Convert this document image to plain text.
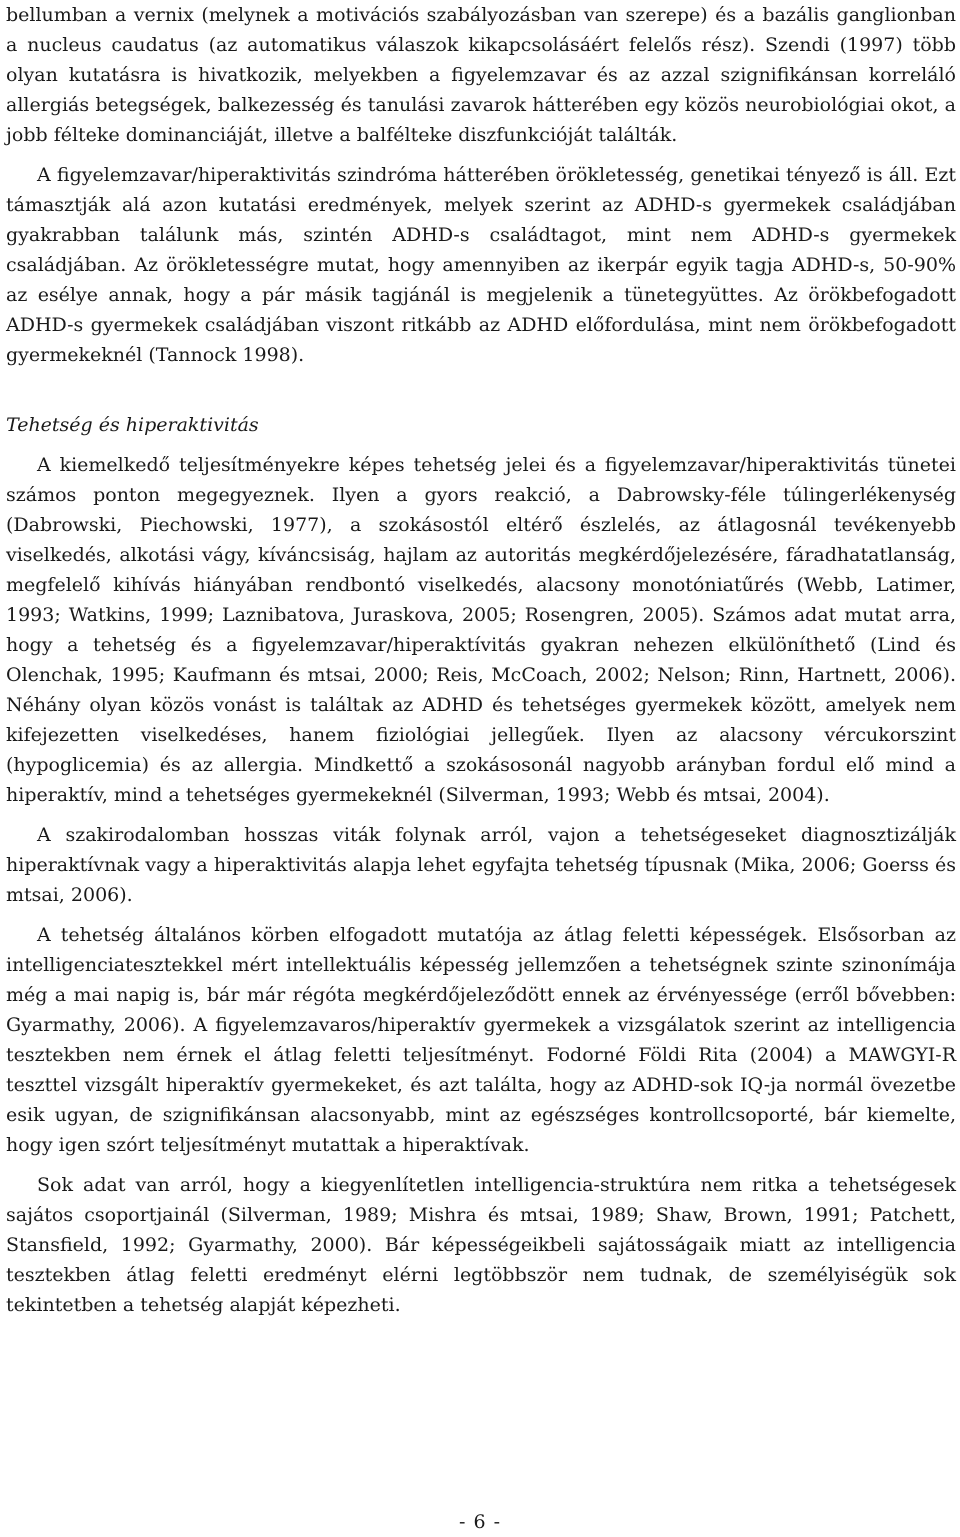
bellumban a vernix (melynek a motivációs szabályozásban van szerepe) és a bazális ganglionban a nucleus caudatus (az automatikus válaszok kikapcsolásáért felelős rész). Szendi (1997) több olyan kutatásra is hivatkozik, melyekben a figyelemzavar és az azzal szignifikánsan korreláló allergiás betegségek, balkezesség és tanulási zavarok hátterében egy közös neurobiológiai okot, a jobb félteke dominanciáját, illetve a balfélteke diszfunkcióját találták.

A figyelemzavar/hiperaktivitás szindróma hátterében örökletesség, genetikai tényező is áll. Ezt támasztják alá azon kutatási eredmények, melyek szerint az ADHD-s gyermekek családjában gyakrabban találunk más, szintén ADHD-s családtagot, mint nem ADHD-s gyermekek családjában. Az örökletességre mutat, hogy amennyiben az ikerpár egyik tagja ADHD-s, 50-90% az esélye annak, hogy a pár másik tagjánál is megjelenik a tünetegyüttes. Az örökbefogadott ADHD-s gyermekek családjában viszont ritkább az ADHD előfordulása, mint nem örökbefogadott gyermekeknél (Tannock 1998).

Tehetség és hiperaktivitás

A kiemelkedő teljesítményekre képes tehetség jelei és a figyelemzavar/hiperaktivitás tünetei számos ponton megegyeznek. Ilyen a gyors reakció, a Dabrowsky-féle túlingerlékenység (Dabrowski, Piechowski, 1977), a szokásostól eltérő észlelés, az átlagosnál tevékenyebb viselkedés, alkotási vágy, kíváncsiság, hajlam az autoritás megkérdőjelezésére, fáradhatatlanság, megfelelő kihívás hiányában rendbontó viselkedés, alacsony monotóniatűrés (Webb, Latimer, 1993; Watkins, 1999; Laznibatova, Juraskova, 2005; Rosengren, 2005). Számos adat mutat arra, hogy a tehetség és a figyelemzavar/hiperaktívitás gyakran nehezen elkülöníthető (Lind és Olenchak, 1995; Kaufmann és mtsai, 2000; Reis, McCoach, 2002; Nelson; Rinn, Hartnett, 2006). Néhány olyan közös vonást is találtak az ADHD és tehetséges gyermekek között, amelyek nem kifejezetten viselkedéses, hanem fiziológiai jellegűek. Ilyen az alacsony vércukorszint (hypoglicemia) és az allergia. Mindkettő a szokásosonál nagyobb arányban fordul elő mind a hiperaktív, mind a tehetséges gyermekeknél (Silverman, 1993; Webb és mtsai, 2004).

A szakirodalomban hosszas viták folynak arról, vajon a tehetségeseket diagnosztizálják hiperaktívnak vagy a hiperaktivitás alapja lehet egyfajta tehetség típusnak (Mika, 2006; Goerss és mtsai, 2006).

A tehetség általános körben elfogadott mutatója az átlag feletti képességek. Elsősorban az intelligenciatesztekkel mért intellektuális képesség jellemzően a tehetségnek szinte szinonímája még a mai napig is, bár már régóta megkérdőjeleződött ennek az érvényessége (erről bővebben: Gyarmathy, 2006). A figyelemzavaros/hiperaktív gyermekek a vizsgálatok szerint az intelligencia tesztekben nem érnek el átlag feletti teljesítményt. Fodorné Földi Rita (2004) a MAWGYI-R teszttel vizsgált hiperaktív gyermekeket, és azt találta, hogy az ADHD-sok IQ-ja normál övezetbe esik ugyan, de szignifikánsan alacsonyabb, mint az egészséges kontrollcsoporté, bár kiemelte, hogy igen szórt teljesítményt mutattak a hiperaktívak.

Sok adat van arról, hogy a kiegyenlítetlen intelligencia-struktúra nem ritka a tehetségesek sajátos csoportjainál (Silverman, 1989; Mishra és mtsai, 1989; Shaw, Brown, 1991; Patchett, Stansfield, 1992; Gyarmathy, 2000). Bár képességeikbeli sajátosságaik miatt az intelligencia tesztekben átlag feletti eredményt elérni legtöbbször nem tudnak, de személyiségük sok tekintetben a tehetség alapját képezheti.

- 6 -
